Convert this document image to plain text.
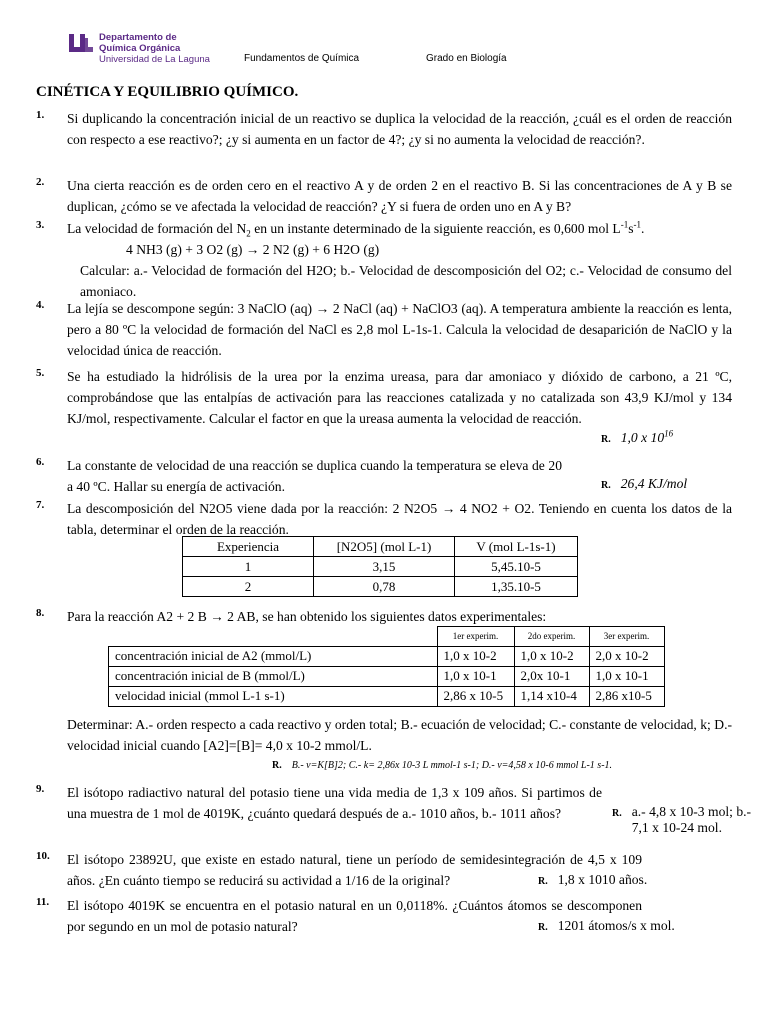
Departamento de
Química Orgánica
Universidad de La Laguna	Fundamentos de Química	Grado en Biología
CINÉTICA Y EQUILIBRIO QUÍMICO.
1. Si duplicando la concentración inicial de un reactivo se duplica la velocidad de la reacción, ¿cuál es el orden de reacción con respecto a ese reactivo?; ¿y si aumenta en un factor de 4?; ¿y si no aumenta la velocidad de reacción?.
2. Una cierta reacción es de orden cero en el reactivo A y de orden 2 en el reactivo B. Si las concentraciones de A y B se duplican, ¿cómo se ve afectada la velocidad de reacción? ¿Y si fuera de orden uno en A y B?
3. La velocidad de formación del $N_2$ en un instante determinado de la siguiente reacción, es 0,600 mol $L^{-1}s^{-1}$.
4 NH3 (g) + 3 O2 (g) → 2 N2 (g) + 6 H2O (g)
Calcular: a.- Velocidad de formación del H2O; b.- Velocidad de descomposición del O2; c.- Velocidad de consumo del amoniaco.
4. La lejía se descompone según: 3 NaClO (aq) → 2 NaCl (aq) + NaClO3 (aq). A temperatura ambiente la reacción es lenta, pero a 80 ºC la velocidad de formación del NaCl es 2,8 mol L-1s-1. Calcula la velocidad de desaparición de NaClO y la velocidad única de reacción.
5. Se ha estudiado la hidrólisis de la urea por la enzima ureasa, para dar amoniaco y dióxido de carbono, a 21 ºC, comprobándose que las entalpías de activación para las reacciones catalizada y no catalizada son 43,9 KJ/mol y 134 KJ/mol, respectivamente. Calcular el factor en que la ureasa aumenta la velocidad de reacción.
R. 1,0 x $10^{16}$
6. La constante de velocidad de una reacción se duplica cuando la temperatura se eleva de 20 a 40 ºC. Hallar su energía de activación.	R. 26,4 KJ/mol
7. La descomposición del N2O5 viene dada por la reacción: 2 N2O5 → 4 NO2 + O2. Teniendo en cuenta los datos de la tabla, determinar el orden de la reacción.
Experiencia	[N2O5] (mol L-1)	V (mol L-1s-1)
1	3,15	5,45.10-5
2	0,78	1,35.10-5
8. Para la reacción A2 + 2 B → 2 AB, se han obtenido los siguientes datos experimentales:
	1er experim.	2do experim.	3er experim.
concentración inicial de A2 (mmol/L)	1,0 x 10-2	1,0 x 10-2	2,0 x 10-2
concentración inicial de B (mmol/L)	1,0 x 10-1	2,0x 10-1	1,0 x 10-1
velocidad inicial (mmol L-1 s-1)	2,86 x 10-5	1,14 x10-4	2,86 x10-5
Determinar: A.- orden respecto a cada reactivo y orden total; B.- ecuación de velocidad; C.- constante de velocidad, k; D.- velocidad inicial cuando [A2]=[B]= 4,0 x 10-2 mmol/L.
R. B.- v=K[B]2; C.- k= 2,86x 10-3 L mmol-1 s-1; D.- v=4,58 x 10-6 mmol L-1 s-1.
9. El isótopo radiactivo natural del potasio tiene una vida media de 1,3 x 109 años. Si partimos de una muestra de 1 mol de 4019K, ¿cuánto quedará después de a.- 1010 años, b.- 1011 años?	R. a.- 4,8 x 10-3 mol; b.- 7,1 x 10-24 mol.
10. El isótopo 23892U, que existe en estado natural, tiene un período de semidesintegración de 4,5 x 109 años. ¿En cuánto tiempo se reducirá su actividad a 1/16 de la original?	R. 1,8 x 1010 años.
11. El isótopo 4019K se encuentra en el potasio natural en un 0,0118%. ¿Cuántos átomos se descomponen por segundo en un mol de potasio natural?	R. 1201 átomos/s x mol.
